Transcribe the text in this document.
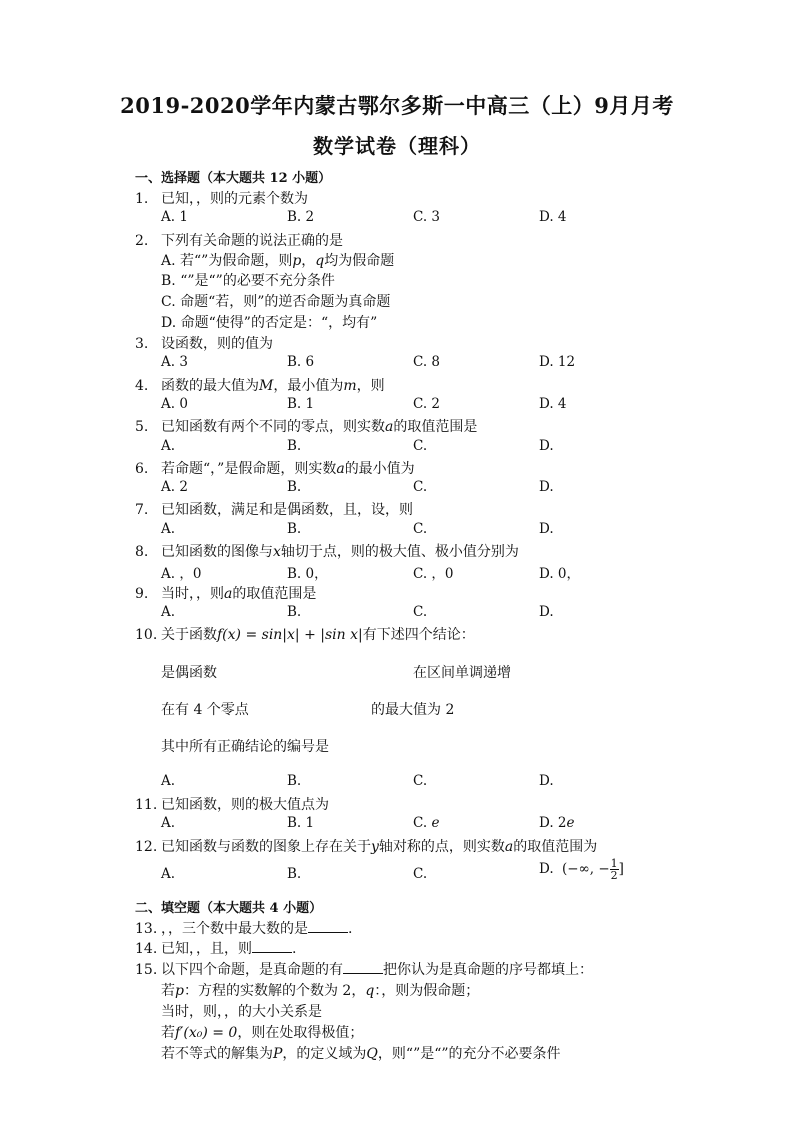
2019-2020学年内蒙古鄂尔多斯一中高三（上）9月月考
数学试卷（理科）
一、选择题（本大题共 12 小题）
1. 已知，，则的元素个数为
A. 1	B. 2	C. 3	D. 4
2. 下列有关命题的说法正确的是
A. 若“”为假命题，则p，q均为假命题
B. “”是“”的必要不充分条件
C. 命题“若，则”的逆否命题为真命题
D. 命题“使得”的否定是：“，均有”
3. 设函数，则的值为
A. 3	B. 6	C. 8	D. 12
4. 函数的最大值为M，最小值为m，则
A. 0	B. 1	C. 2	D. 4
5. 已知函数有两个不同的零点，则实数a的取值范围是
A.	B.	C.	D.
6. 若命题“，”是假命题，则实数a的最小值为
A. 2	B.	C.	D.
7. 已知函数，满足和是偶函数，且，设，则
A.	B.	C.	D.
8. 已知函数的图像与x轴切于点，则的极大值、极小值分别为
A. ，0	B. 0，	C. ，0	D. 0，
9. 当时，，则a的取值范围是
A.	B.	C.	D.
10. 关于函数f(x) = sin|x| + |sin x|有下述四个结论：
是偶函数	在区间单调递增
在有 4 个零点	的最大值为 2
其中所有正确结论的编号是
A.	B.	C.	D.
11. 已知函数，则的极大值点为
A.	B. 1	C. e	D. 2e
12. 已知函数与函数的图象上存在关于y轴对称的点，则实数a的取值范围为
A.	B.	C.	D. (−∞, − $\frac{1}{2}$ ]
二、填空题（本大题共 4 小题）
13. ，，三个数中最大数的是	.
14. 已知，，且，则	.
15. 以下四个命题，是真命题的有	把你认为是真命题的序号都填上：
若p：方程的实数解的个数为 2，q：，则为假命题；
当时，则，，的大小关系是
若f′(x₀) = 0，则在处取得极值；
若不等式的解集为P，的定义域为Q，则“”是“”的充分不必要条件
